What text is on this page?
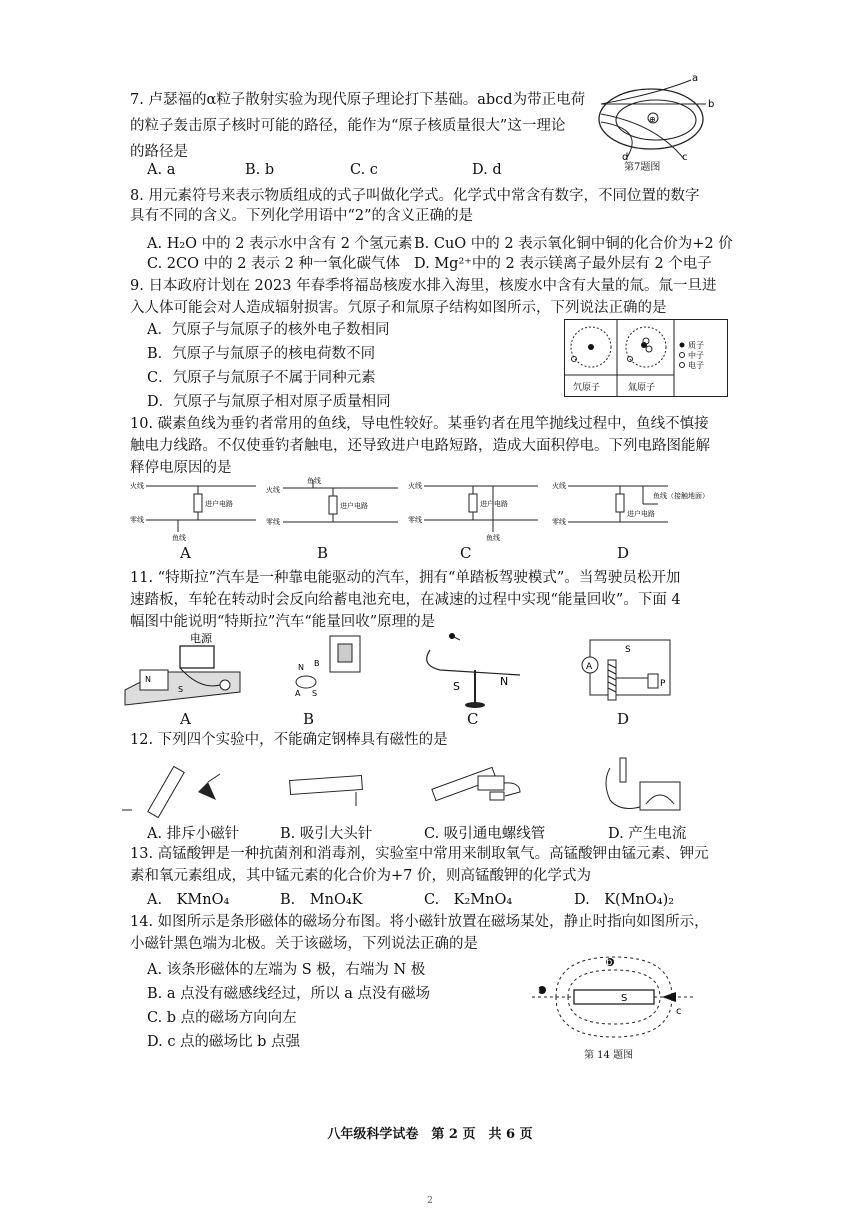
7. 卢瑟福的α粒子散射实验为现代原子理论打下基础。abcd为带正电荷
的粒子轰击原子核时可能的路径，能作为“原子核质量很大”这一理论
的路径是
A. a	B. b	C. c	D. d
⊕
a
b
c
d
第7题图
8. 用元素符号来表示物质组成的式子叫做化学式。化学式中常含有数字，不同位置的数字
具有不同的含义。下列化学用语中“2”的含义正确的是
A. H₂O 中的 2 表示水中含有 2 个氢元素 B. CuO 中的 2 表示氧化铜中铜的化合价为+2 价
C. 2CO 中的 2 表示 2 种一氧化碳气体 D. Mg²⁺中的 2 表示镁离子最外层有 2 个电子
9. 日本政府计划在 2023 年春季将福岛核废水排入海里，核废水中含有大量的氚。氚一旦进
入人体可能会对人造成辐射损害。氕原子和氚原子结构如图所示，下列说法正确的是
A．氕原子与氚原子的核外电子数相同
B．氕原子与氚原子的核电荷数不同
C．氕原子与氚原子不属于同种元素
D．氕原子与氚原子相对原子质量相同
质子
中子
电子
氕原子	氚原子
10. 碳素鱼线为垂钓者常用的鱼线，导电性较好。某垂钓者在甩竿抛线过程中，鱼线不慎接
触电力线路。不仅使垂钓者触电，还导致进户电路短路，造成大面积停电。下列电路图能解
释停电原因的是
火线
零线
进户电路
鱼线
火线
零线
进户电路
鱼线
火线
零线
进户电路
鱼线
火线
零线
进户电路
鱼线（接触地面）
A	B	C	D
11. “特斯拉”汽车是一种靠电能驱动的汽车，拥有“单踏板驾驶模式”。当驾驶员松开加
速踏板，车轮在转动时会反向给蓄电池充电，在减速的过程中实现“能量回收”。下面 4
幅图中能说明“特斯拉”汽车“能量回收”原理的是
电源
N
S
N B
A S
S	N
S
A
P
A	B	C	D
12. 下列四个实验中，不能确定钢棒具有磁性的是
A. 排斥小磁针	B. 吸引大头针	C. 吸引通电螺线管	D. 产生电流
13. 高锰酸钾是一种抗菌剂和消毒剂，实验室中常用来制取氧气。高锰酸钾由锰元素、钾元
素和氧元素组成，其中锰元素的化合价为+7 价，则高锰酸钾的化学式为
A.　KMnO₄	B.　MnO₄K	C.　K₂MnO₄	D.　K(MnO₄)₂
14. 如图所示是条形磁体的磁场分布图。将小磁针放置在磁场某处，静止时指向如图所示，
小磁针黑色端为北极。关于该磁场，下列说法正确的是
A. 该条形磁体的左端为 S 极，右端为 N 极
B. a 点没有磁感线经过，所以 a 点没有磁场
C. b 点的磁场方向向左
D. c 点的磁场比 b 点强
S
a
b
c
第 14 题图
八年级科学试卷　第 2 页　共 6 页
2
